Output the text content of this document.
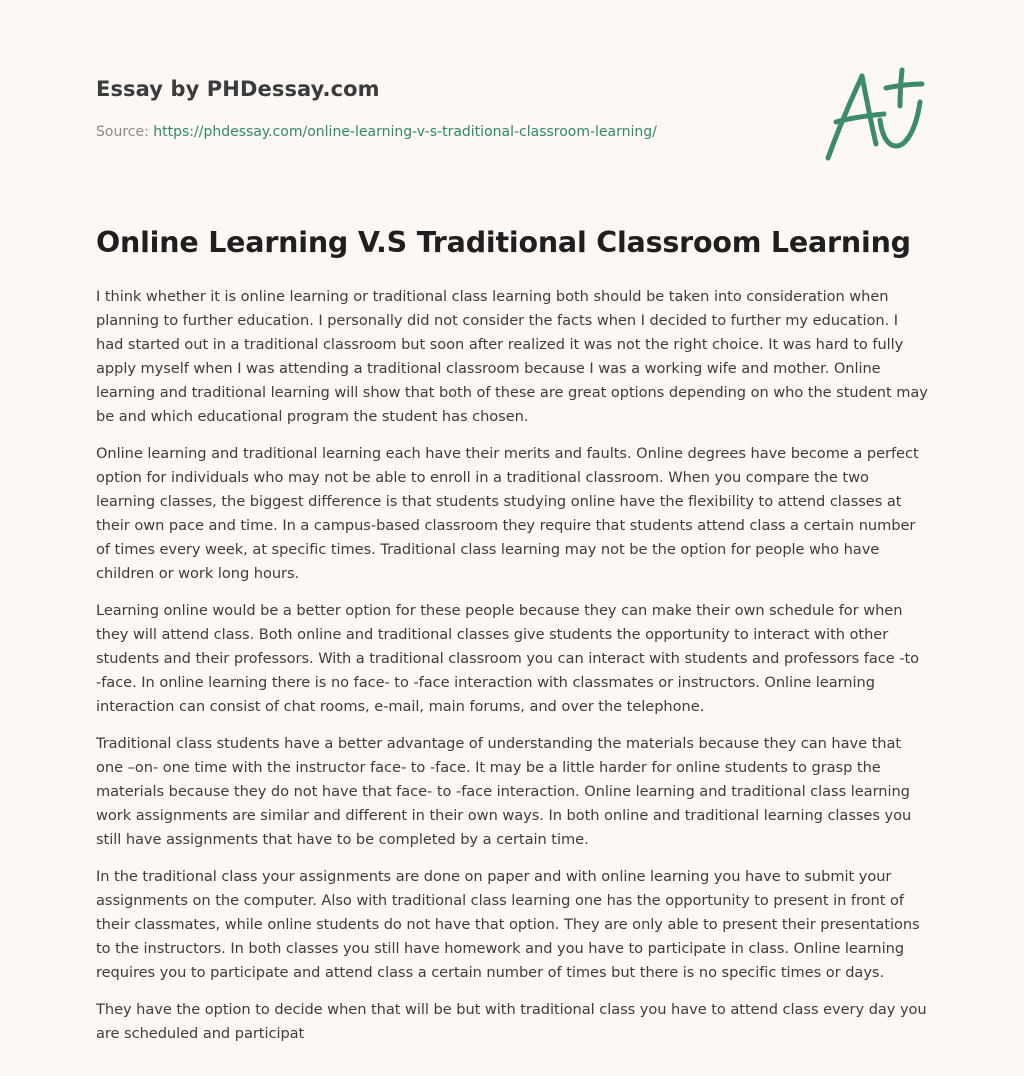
Essay by PHDessay.com
Source: https://phdessay.com/online-learning-v-s-traditional-classroom-learning/
Online Learning V.S Traditional Classroom Learning

I think whether it is online learning or traditional class learning both should be taken into consideration when planning to further education. I personally did not consider the facts when I decided to further my education. I had started out in a traditional classroom but soon after realized it was not the right choice. It was hard to fully apply myself when I was attending a traditional classroom because I was a working wife and mother. Online learning and traditional learning will show that both of these are great options depending on who the student may be and which educational program the student has chosen.

Online learning and traditional learning each have their merits and faults. Online degrees have become a perfect option for individuals who may not be able to enroll in a traditional classroom. When you compare the two learning classes, the biggest difference is that students studying online have the flexibility to attend classes at their own pace and time. In a campus-based classroom they require that students attend class a certain number of times every week, at specific times. Traditional class learning may not be the option for people who have children or work long hours.

Learning online would be a better option for these people because they can make their own schedule for when they will attend class. Both online and traditional classes give students the opportunity to interact with other students and their professors. With a traditional classroom you can interact with students and professors face -to -face. In online learning there is no face- to -face interaction with classmates or instructors. Online learning interaction can consist of chat rooms, e-mail, main forums, and over the telephone.

Traditional class students have a better advantage of understanding the materials because they can have that one –on- one time with the instructor face- to -face. It may be a little harder for online students to grasp the materials because they do not have that face- to -face interaction. Online learning and traditional class learning work assignments are similar and different in their own ways. In both online and traditional learning classes you still have assignments that have to be completed by a certain time.

In the traditional class your assignments are done on paper and with online learning you have to submit your assignments on the computer. Also with traditional class learning one has the opportunity to present in front of their classmates, while online students do not have that option. They are only able to present their presentations to the instructors. In both classes you still have homework and you have to participate in class. Online learning requires you to participate and attend class a certain number of times but there is no specific times or days.

They have the option to decide when that will be but with traditional class you have to attend class every day you are scheduled and participat
